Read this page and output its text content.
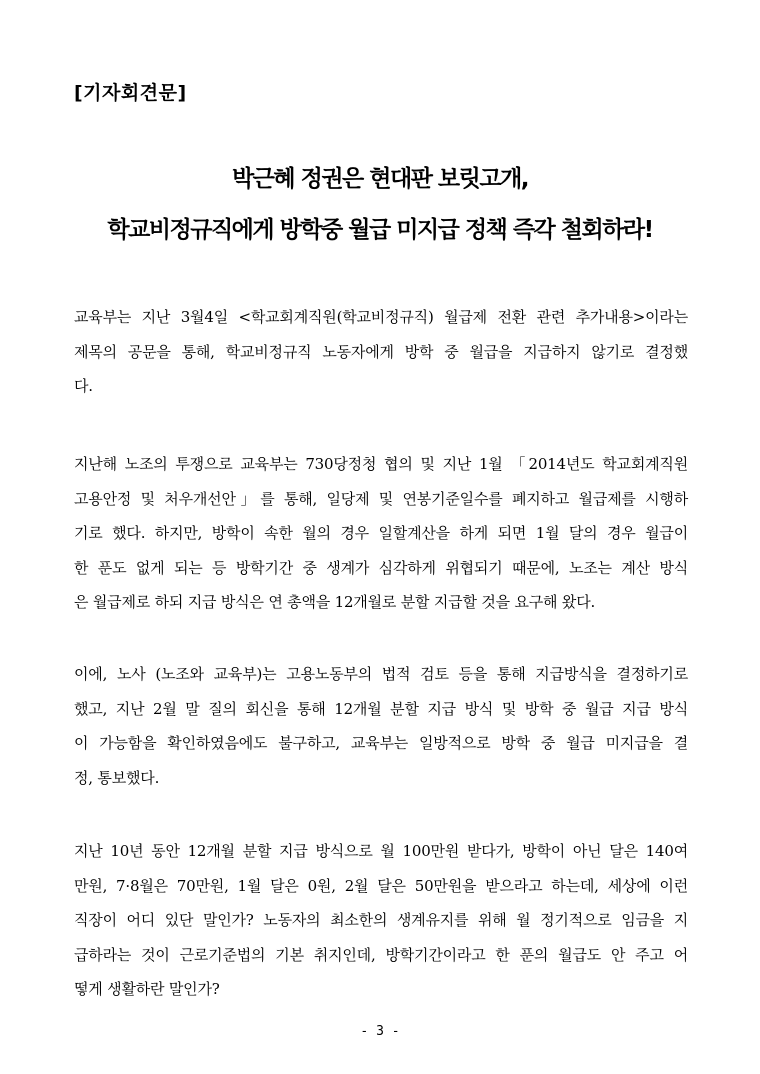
[기자회견문]
박근혜 정권은 현대판 보릿고개,
학교비정규직에게 방학중 월급 미지급 정책 즉각 철회하라!
교육부는 지난 3월4일 <학교회계직원(학교비정규직) 월급제 전환 관련 추가내용>이라는
제목의 공문을 통해, 학교비정규직 노동자에게 방학 중 월급을 지급하지 않기로 결정했
다.
지난해 노조의 투쟁으로 교육부는 730당정청 협의 및 지난 1월 「2014년도 학교회계직원
고용안정 및 처우개선안」를 통해, 일당제 및 연봉기준일수를 폐지하고 월급제를 시행하
기로 했다. 하지만, 방학이 속한 월의 경우 일할계산을 하게 되면 1월 달의 경우 월급이
한 푼도 없게 되는 등 방학기간 중 생계가 심각하게 위협되기 때문에, 노조는 계산 방식
은 월급제로 하되 지급 방식은 연 총액을 12개월로 분할 지급할 것을 요구해 왔다.
이에, 노사 (노조와 교육부)는 고용노동부의 법적 검토 등을 통해 지급방식을 결정하기로
했고, 지난 2월 말 질의 회신을 통해 12개월 분할 지급 방식 및 방학 중 월급 지급 방식
이 가능함을 확인하였음에도 불구하고, 교육부는 일방적으로 방학 중 월급 미지급을 결
정, 통보했다.
지난 10년 동안 12개월 분할 지급 방식으로 월 100만원 받다가, 방학이 아닌 달은 140여
만원, 7·8월은 70만원, 1월 달은 0원, 2월 달은 50만원을 받으라고 하는데, 세상에 이런
직장이 어디 있단 말인가? 노동자의 최소한의 생계유지를 위해 월 정기적으로 임금을 지
급하라는 것이 근로기준법의 기본 취지인데, 방학기간이라고 한 푼의 월급도 안 주고 어
떻게 생활하란 말인가?
- 3 -
